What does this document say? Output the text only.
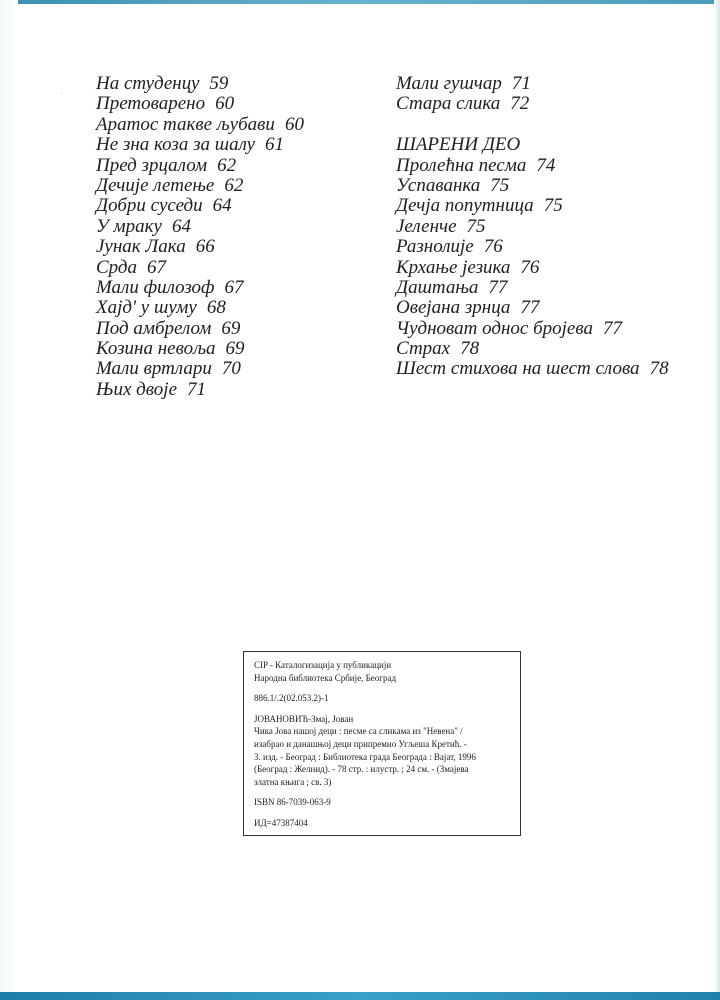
· На студенцу 59
Претоварено 60
Аратос такве љубави 60
Не зна коза за шалу 61
Пред зрцалом 62
Дечије летење 62
Добри суседи 64
У мраку 64
Јунак Лака 66
Срда 67
Мали филозоф 67
Хајд' у шуму 68
Под амбрелом 69
Козина невоља 69
Мали вртлари 70
Њих двоје 71
Мали гушчар 71
Стара слика 72
ШАРЕНИ ДЕО
Пролећна песма 74
Успаванка 75
Дечја попутница 75
Јеленче 75
Разнолије 76
Крхање језика 76
Даштања 77
Овејана зрнца 77
Чудноват однос бројева 77
Страх 78
Шест стихова на шест слова 78
CIP - Каталогизација у публикацији
Народна библиотека Србије, Београд
886.1/.2(02.053.2)-1
ЈОВАНОВИЋ-Змај, Јован
Чика Јова нашој деци : песме са сликама из "Невена" /
изабрао и данашњој деци припремио Угљеша Кретић. -
3. изд. - Београд : Библиотека града Београда : Вајат, 1996
(Београд : Желнид). - 78 стр. : илустр. ; 24 см. - (Змајева
златна књига ; св. 3)
ISBN 86-7039-063-9
ИД=47387404
